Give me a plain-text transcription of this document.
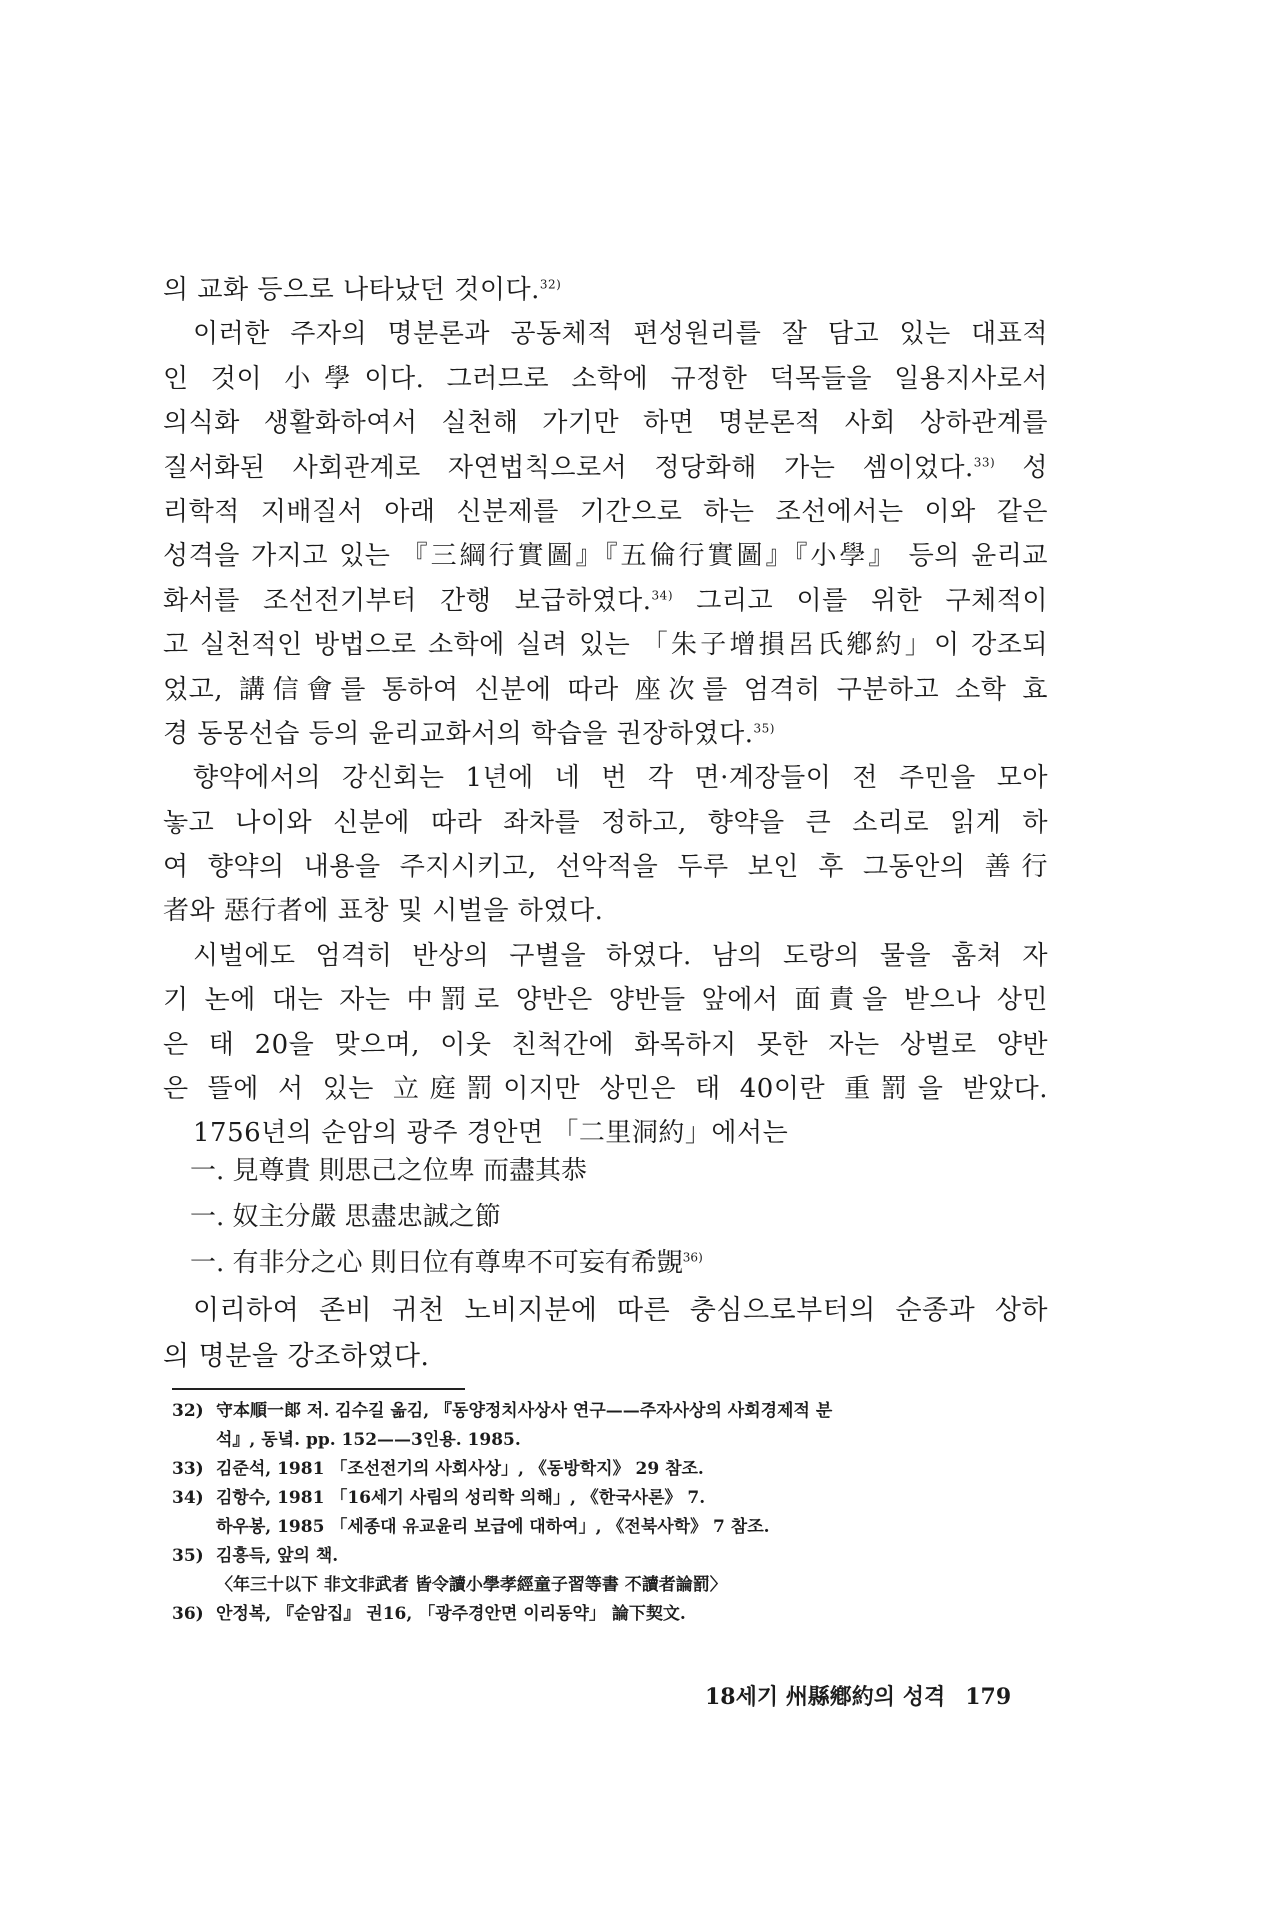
의 교화 등으로 나타났던 것이다.$^{32)}$
이러한 주자의 명분론과 공동체적 편성원리를 잘 담고 있는 대표적
인 것이 小學이다. 그러므로 소학에 규정한 덕목들을 일용지사로서
의식화 생활화하여서 실천해 가기만 하면 명분론적 사회 상하관계를
질서화된 사회관계로 자연법칙으로서 정당화해 가는 셈이었다.$^{33)}$ 성
리학적 지배질서 아래 신분제를 기간으로 하는 조선에서는 이와 같은
성격을 가지고 있는 『三綱行實圖』『五倫行實圖』『小學』 등의 윤리교
화서를 조선전기부터 간행 보급하였다.$^{34)}$ 그리고 이를 위한 구체적이
고 실천적인 방법으로 소학에 실려 있는 「朱子增損呂氏鄕約」이 강조되
었고, 講信會를 통하여 신분에 따라 座次를 엄격히 구분하고 소학 효
경 동몽선습 등의 윤리교화서의 학습을 권장하였다.$^{35)}$
향약에서의 강신회는 1년에 네 번 각 면·계장들이 전 주민을 모아
놓고 나이와 신분에 따라 좌차를 정하고, 향약을 큰 소리로 읽게 하
여 향약의 내용을 주지시키고, 선악적을 두루 보인 후 그동안의 善行
者와 惡行者에 표창 및 시벌을 하였다.
시벌에도 엄격히 반상의 구별을 하였다. 남의 도랑의 물을 훔쳐 자
기 논에 대는 자는 中罰로 양반은 양반들 앞에서 面責을 받으나 상민
은 태 20을 맞으며, 이웃 친척간에 화목하지 못한 자는 상벌로 양반
은 뜰에 서 있는 立庭罰이지만 상민은 태 40이란 重罰을 받았다.
1756년의 순암의 광주 경안면 「二里洞約」에서는
一. 見尊貴 則思己之位卑 而盡其恭
一. 奴主分嚴 思盡忠誠之節
一. 有非分之心 則日位有尊卑不可妄有希覬$^{36)}$
이리하여 존비 귀천 노비지분에 따른 충심으로부터의 순종과 상하
의 명분을 강조하였다.
32) 守本順一郞 저. 김수길 옮김, 『동양정치사상사 연구——주자사상의 사회경제적 분
석』, 동녘. pp. 152——3인용. 1985.
33) 김준석, 1981 「조선전기의 사회사상」, 《동방학지》 29 참조.
34) 김항수, 1981 「16세기 사림의 성리학 의해」, 《한국사론》 7.
하우봉, 1985 「세종대 유교윤리 보급에 대하여」, 《전북사학》 7 참조.
35) 김흥득, 앞의 책.
〈年三十以下 非文非武者 皆令讀小學孝經童子習等書 不讀者論罰〉
36) 안정복, 『순암집』 권16, 「광주경안면 이리동약」 論下契文.
18세기 州縣鄕約의 성격 179
